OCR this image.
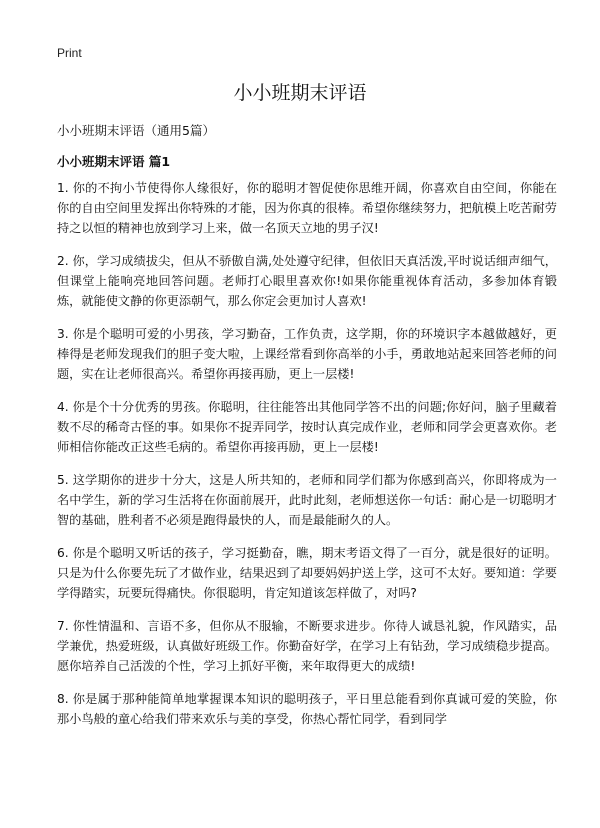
Print
小小班期末评语

小小班期末评语（通用5篇）

小小班期末评语 篇1

1. 你的不拘小节使得你人缘很好，你的聪明才智促使你思维开阔，你喜欢自由空间，你能在你的自由空间里发挥出你特殊的才能，因为你真的很棒。希望你继续努力，把航模上吃苦耐劳持之以恒的精神也放到学习上来，做一名顶天立地的男子汉!

2. 你，学习成绩拔尖，但从不骄傲自满,处处遵守纪律，但依旧天真活泼,平时说话细声细气，但课堂上能响亮地回答问题。老师打心眼里喜欢你!如果你能重视体育活动，多参加体育锻炼，就能使文静的你更添朝气，那么你定会更加讨人喜欢!

3. 你是个聪明可爱的小男孩，学习勤奋，工作负责，这学期，你的环境识字本越做越好，更棒得是老师发现我们的胆子变大啦，上课经常看到你高举的小手，勇敢地站起来回答老师的问题，实在让老师很高兴。希望你再接再励，更上一层楼!

4. 你是个十分优秀的男孩。你聪明，往往能答出其他同学答不出的问题;你好问，脑子里藏着数不尽的稀奇古怪的事。如果你不捉弄同学，按时认真完成作业，老师和同学会更喜欢你。老师相信你能改正这些毛病的。希望你再接再励，更上一层楼!

5. 这学期你的进步十分大，这是人所共知的，老师和同学们都为你感到高兴，你即将成为一名中学生，新的学习生活将在你面前展开，此时此刻，老师想送你一句话：耐心是一切聪明才智的基础，胜利者不必须是跑得最快的人，而是最能耐久的人。

6. 你是个聪明又听话的孩子，学习挺勤奋，瞧，期末考语文得了一百分，就是很好的证明。只是为什么你要先玩了才做作业，结果迟到了却要妈妈护送上学，这可不太好。要知道：学要学得踏实，玩要玩得痛快。你很聪明，肯定知道该怎样做了，对吗?

7. 你性情温和、言语不多，但你从不服输，不断要求进步。你待人诚恳礼貌，作风踏实，品学兼优，热爱班级，认真做好班级工作。你勤奋好学，在学习上有钻劲，学习成绩稳步提高。愿你培养自己活泼的个性，学习上抓好平衡，来年取得更大的成绩!

8. 你是属于那种能简单地掌握课本知识的聪明孩子，平日里总能看到你真诚可爱的笑脸，你那小鸟般的童心给我们带来欢乐与美的享受，你热心帮忙同学，看到同学
